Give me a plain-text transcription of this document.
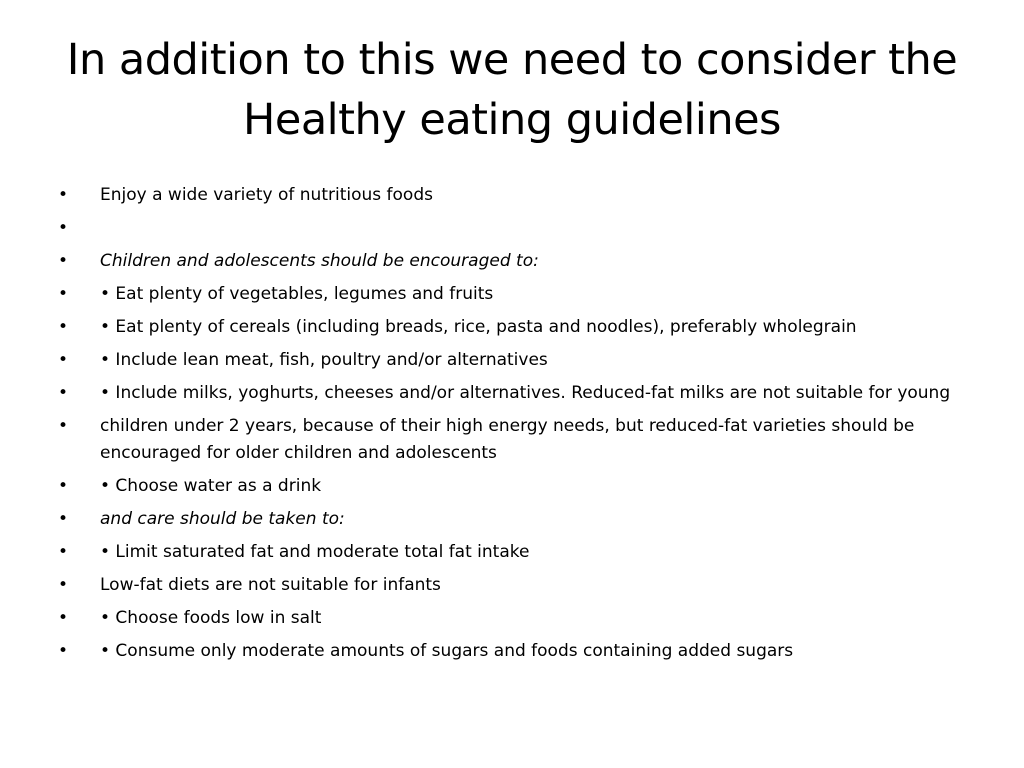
In addition to this we need to consider the Healthy eating guidelines
•	Enjoy a wide variety of nutritious foods
•
•	Children and adolescents should be encouraged to:
•	• Eat plenty of vegetables, legumes and fruits
•	• Eat plenty of cereals (including breads, rice, pasta and noodles), preferably wholegrain
•	• Include lean meat, fish, poultry and/or alternatives
•	• Include milks, yoghurts, cheeses and/or alternatives. Reduced-fat milks are not suitable for young
•	children under 2 years, because of their high energy needs, but reduced-fat varieties should be encouraged for older children and adolescents
•	• Choose water as a drink
•	and care should be taken to:
•	• Limit saturated fat and moderate total fat intake
•	Low-fat diets are not suitable for infants
•	• Choose foods low in salt
•	• Consume only moderate amounts of sugars and foods containing added sugars
